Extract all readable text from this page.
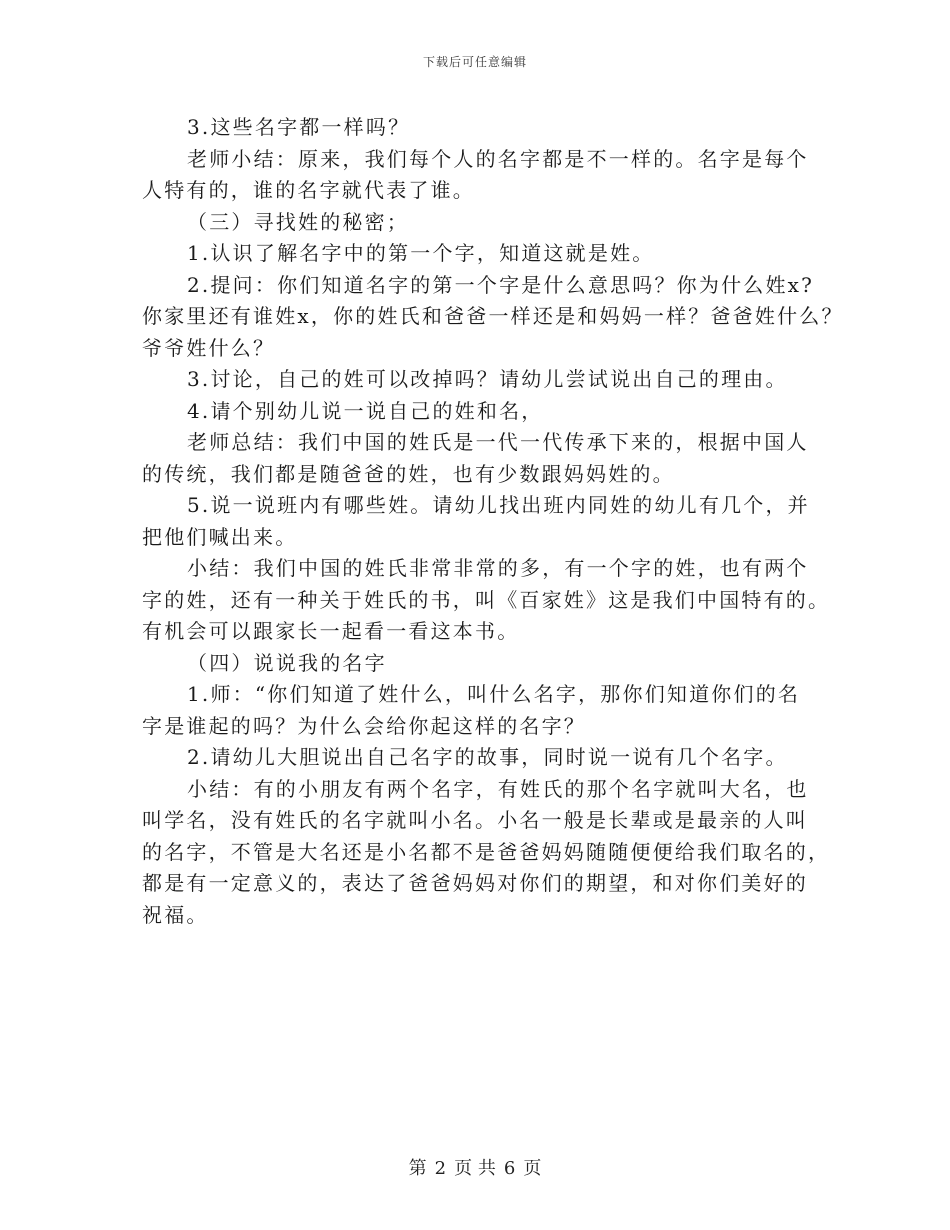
下载后可任意编辑
3.这些名字都一样吗？
老师小结：原来，我们每个人的名字都是不一样的。名字是每个
人特有的，谁的名字就代表了谁。
（三）寻找姓的秘密；
1.认识了解名字中的第一个字，知道这就是姓。
2.提问：你们知道名字的第一个字是什么意思吗？你为什么姓x?
你家里还有谁姓x，你的姓氏和爸爸一样还是和妈妈一样？爸爸姓什么？
爷爷姓什么？
3.讨论，自己的姓可以改掉吗？请幼儿尝试说出自己的理由。
4.请个别幼儿说一说自己的姓和名，
老师总结：我们中国的姓氏是一代一代传承下来的，根据中国人
的传统，我们都是随爸爸的姓，也有少数跟妈妈姓的。
5.说一说班内有哪些姓。请幼儿找出班内同姓的幼儿有几个，并
把他们喊出来。
小结：我们中国的姓氏非常非常的多，有一个字的姓，也有两个
字的姓，还有一种关于姓氏的书，叫《百家姓》这是我们中国特有的。
有机会可以跟家长一起看一看这本书。
（四）说说我的名字
1.师：“你们知道了姓什么，叫什么名字，那你们知道你们的名
字是谁起的吗？为什么会给你起这样的名字？
2.请幼儿大胆说出自己名字的故事，同时说一说有几个名字。
小结：有的小朋友有两个名字，有姓氏的那个名字就叫大名，也
叫学名，没有姓氏的名字就叫小名。小名一般是长辈或是最亲的人叫
的名字，不管是大名还是小名都不是爸爸妈妈随随便便给我们取名的，
都是有一定意义的，表达了爸爸妈妈对你们的期望，和对你们美好的
祝福。
第 2 页 共 6 页
